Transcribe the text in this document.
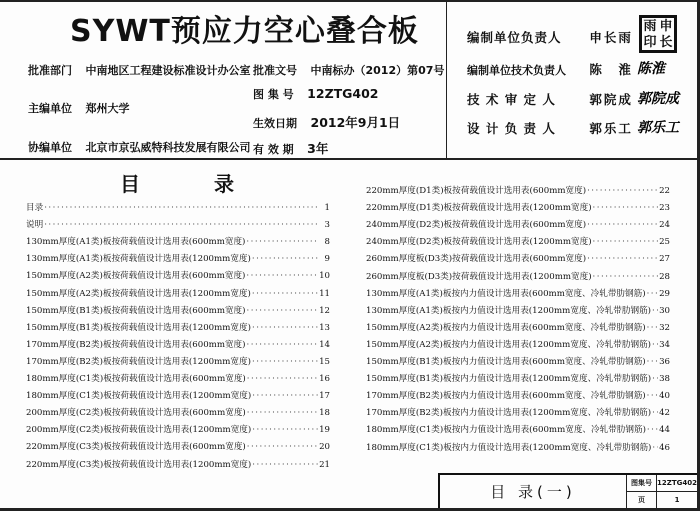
SYWT预应力空心叠合板
批准部门 中南地区工程建设标准设计办公室
主编单位 郑州大学
协编单位 北京市京弘威特科技发展有限公司
批准文号 中南标办（2012）第07号
图 集 号 12ZTG402
生效日期 2012年9月1日
有 效 期 3年
编制单位负责人 申长雨
编制单位技术负责人 陈　淮
技 术 审 定 人	郭院成
设 计 负 责 人	郭乐工
雨 申
印 长
陈淮
郭院成
郭乐工
目	录
目录 ·····	1
说明 ·····	3
130mm厚度(A1类)板按荷载值设计选用表(600mm宽度) ·····	8
130mm厚度(A1类)板按荷载值设计选用表(1200mm宽度) ·····	9
150mm厚度(A2类)板按荷载值设计选用表(600mm宽度) ·····	10
150mm厚度(A2类)板按荷载值设计选用表(1200mm宽度) ·····	11
150mm厚度(B1类)板按荷载值设计选用表(600mm宽度) ·····	12
150mm厚度(B1类)板按荷载值设计选用表(1200mm宽度) ·····	13
170mm厚度(B2类)板按荷载值设计选用表(600mm宽度) ·····	14
170mm厚度(B2类)板按荷载值设计选用表(1200mm宽度) ·····	15
180mm厚度(C1类)板按荷载值设计选用表(600mm宽度) ·····	16
180mm厚度(C1类)板按荷载值设计选用表(1200mm宽度) ·····	17
200mm厚度(C2类)板按荷载值设计选用表(600mm宽度) ·····	18
200mm厚度(C2类)板按荷载值设计选用表(1200mm宽度) ·····	19
220mm厚度(C3类)板按荷载值设计选用表(600mm宽度) ·····	20
220mm厚度(C3类)板按荷载值设计选用表(1200mm宽度) ·····	21
220mm厚度(D1类)板按荷载值设计选用表(600mm宽度) ·····	22
220mm厚度(D1类)板按荷载值设计选用表(1200mm宽度) ·····	23
240mm厚度(D2类)板按荷载值设计选用表(600mm宽度) ·····	24
240mm厚度(D2类)板按荷载值设计选用表(1200mm宽度) ·····	25
260mm厚度板(D3类)按荷载值设计选用表(600mm宽度) ·····	27
260mm厚度板(D3类)按荷载值设计选用表(1200mm宽度) ·····	28
130mm厚度(A1类)板按内力值设计选用表(600mm宽度、冷轧带肋钢筋) ····· 29
130mm厚度(A1类)板按内力值设计选用表(1200mm宽度、冷轧带肋钢筋) ····· 30
150mm厚度(A2类)板按内力值设计选用表(600mm宽度、冷轧带肋钢筋) ····· 32
150mm厚度(A2类)板按内力值设计选用表(1200mm宽度、冷轧带肋钢筋) ····· 34
150mm厚度(B1类)板按内力值设计选用表(600mm宽度、冷轧带肋钢筋) ····· 36
150mm厚度(B1类)板按内力值设计选用表(1200mm宽度、冷轧带肋钢筋) ····· 38
170mm厚度(B2类)板按内力值设计选用表(600mm宽度、冷轧带肋钢筋) ····· 40
170mm厚度(B2类)板按内力值设计选用表(1200mm宽度、冷轧带肋钢筋) ····· 42
180mm厚度(C1类)板按内力值设计选用表(600mm宽度、冷轧带肋钢筋) ····· 44
180mm厚度(C1类)板按内力值设计选用表(1200mm宽度、冷轧带肋钢筋) ····· 46
目 录(一)
图集号 12ZTG402
页	1
